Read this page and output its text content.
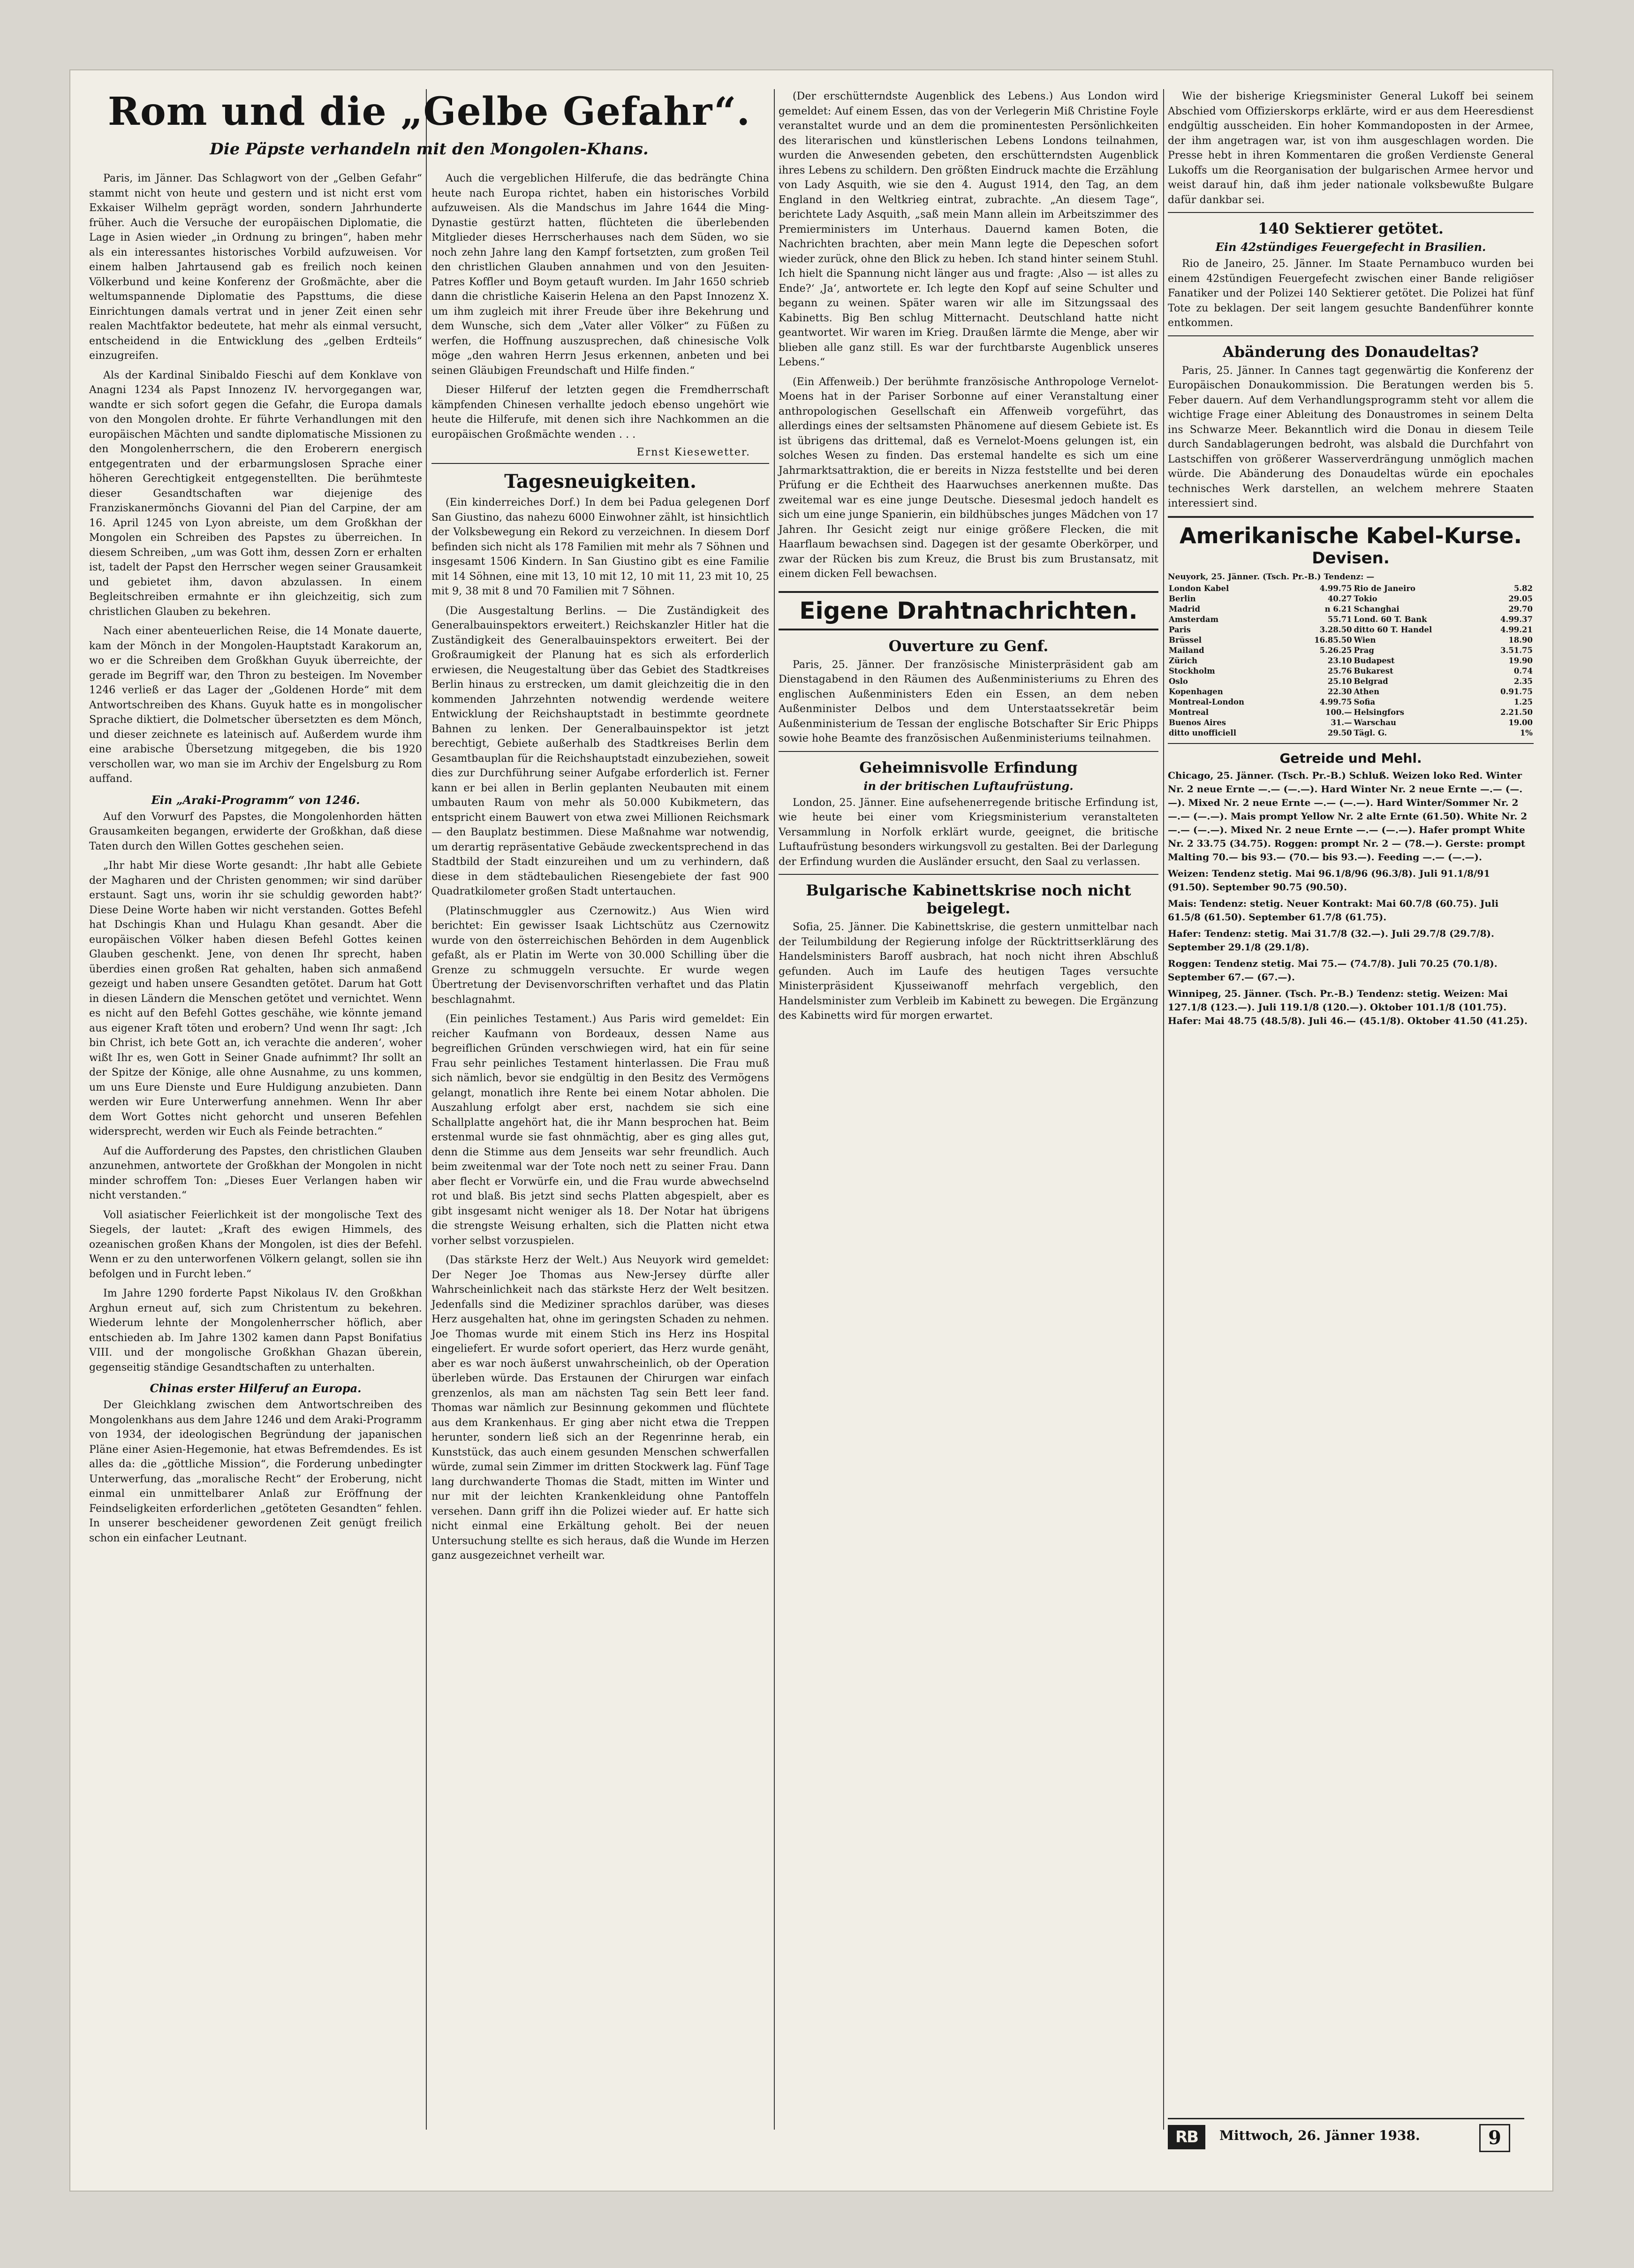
Rom und die „Gelbe Gefahr“.
Die Päpste verhandeln mit den Mongolen-Khans.

Paris, im Jänner. Das Schlagwort von der „Gelben Gefahr“ stammt nicht von heute und gestern und ist nicht erst vom Exkaiser Wilhelm geprägt worden, sondern Jahrhunderte früher. Auch die Versuche der europäischen Diplomatie, die Lage in Asien wieder „in Ordnung zu bringen“, haben mehr als ein interessantes historisches Vorbild aufzuweisen. Vor einem halben Jahrtausend gab es freilich noch keinen Völkerbund und keine Konferenz der Großmächte, aber die weltumspannende Diplomatie des Papsttums, die diese Einrichtungen damals vertrat und in jener Zeit einen sehr realen Machtfaktor bedeutete, hat mehr als einmal versucht, entscheidend in die Entwicklung des „gelben Erdteils“ einzugreifen.

Als der Kardinal Sinibaldo Fieschi auf dem Konklave von Anagni 1234 als Papst Innozenz IV. hervorgegangen war, wandte er sich sofort gegen die Gefahr, die Europa damals von den Mongolen drohte. Er führte Verhandlungen mit den europäischen Mächten und sandte diplomatische Missionen zu den Mongolenherrschern, die den Eroberern energisch entgegentraten und der erbarmungslosen Sprache einer höheren Gerechtigkeit entgegenstellten. Die berühmteste dieser Gesandtschaften war diejenige des Franziskanermönchs Giovanni del Pian del Carpine, der am 16. April 1245 von Lyon abreiste, um dem Großkhan der Mongolen ein Schreiben des Papstes zu überreichen. In diesem Schreiben, „um was Gott ihm, dessen Zorn er erhalten ist, tadelt der Papst den Herrscher wegen seiner Grausamkeit und gebietet ihm, davon abzulassen. In einem Begleitschreiben ermahnte er ihn gleichzeitig, sich zum christlichen Glauben zu bekehren.

Nach einer abenteuerlichen Reise, die 14 Monate dauerte, kam der Mönch in der Mongolen-Hauptstadt Karakorum an, wo er die Schreiben dem Großkhan Guyuk überreichte, der gerade im Begriff war, den Thron zu besteigen. Im November 1246 verließ er das Lager der „Goldenen Horde“ mit dem Antwortschreiben des Khans. Guyuk hatte es in mongolischer Sprache diktiert, die Dolmetscher übersetzten es dem Mönch, und dieser zeichnete es lateinisch auf. Außerdem wurde ihm eine arabische Übersetzung mitgegeben, die bis 1920 verschollen war, wo man sie im Archiv der Engelsburg zu Rom auffand.

Ein „Araki-Programm“ von 1246.

Auf den Vorwurf des Papstes, die Mongolenhorden hätten Grausamkeiten begangen, erwiderte der Großkhan, daß diese Taten durch den Willen Gottes geschehen seien.

„Ihr habt Mir diese Worte gesandt: ‚Ihr habt alle Gebiete der Magharen und der Christen genommen; wir sind darüber erstaunt. Sagt uns, worin ihr sie schuldig geworden habt?‘ Diese Deine Worte haben wir nicht verstanden. Gottes Befehl hat Dschingis Khan und Hulagu Khan gesandt. Aber die europäischen Völker haben diesen Befehl Gottes keinen Glauben geschenkt. Jene, von denen Ihr sprecht, haben überdies einen großen Rat gehalten, haben sich anmaßend gezeigt und haben unsere Gesandten getötet. Darum hat Gott in diesen Ländern die Menschen getötet und vernichtet. Wenn es nicht auf den Befehl Gottes geschähe, wie könnte jemand aus eigener Kraft töten und erobern? Und wenn Ihr sagt: ‚Ich bin Christ, ich bete Gott an, ich verachte die anderen‘, woher wißt Ihr es, wen Gott in Seiner Gnade aufnimmt? Ihr sollt an der Spitze der Könige, alle ohne Ausnahme, zu uns kommen, um uns Eure Dienste und Eure Huldigung anzubieten. Dann werden wir Eure Unterwerfung annehmen. Wenn Ihr aber dem Wort Gottes nicht gehorcht und unseren Befehlen widersprecht, werden wir Euch als Feinde betrachten.“

Auf die Aufforderung des Papstes, den christlichen Glauben anzunehmen, antwortete der Großkhan der Mongolen in nicht minder schroffem Ton: „Dieses Euer Verlangen haben wir nicht verstanden.“

Voll asiatischer Feierlichkeit ist der mongolische Text des Siegels, der lautet: „Kraft des ewigen Himmels, des ozeanischen großen Khans der Mongolen, ist dies der Befehl. Wenn er zu den unterworfenen Völkern gelangt, sollen sie ihn befolgen und in Furcht leben.“

Im Jahre 1290 forderte Papst Nikolaus IV. den Großkhan Arghun erneut auf, sich zum Christentum zu bekehren. Wiederum lehnte der Mongolenherrscher höflich, aber entschieden ab. Im Jahre 1302 kamen dann Papst Bonifatius VIII. und der mongolische Großkhan Ghazan überein, gegenseitig ständige Gesandtschaften zu unterhalten.

Chinas erster Hilferuf an Europa.

Der Gleichklang zwischen dem Antwortschreiben des Mongolenkhans aus dem Jahre 1246 und dem Araki-Programm von 1934, der ideologischen Begründung der japanischen Pläne einer Asien-Hegemonie, hat etwas Befremdendes. Es ist alles da: die „göttliche Mission“, die Forderung unbedingter Unterwerfung, das „moralische Recht“ der Eroberung, nicht einmal ein unmittelbarer Anlaß zur Eröffnung der Feindseligkeiten erforderlichen „getöteten Gesandten“ fehlen. In unserer bescheidener gewordenen Zeit genügt freilich schon ein einfacher Leutnant.

Auch die vergeblichen Hilferufe, die das bedrängte China heute nach Europa richtet, haben ein historisches Vorbild aufzuweisen. Als die Mandschus im Jahre 1644 die Ming-Dynastie gestürzt hatten, flüchteten die überlebenden Mitglieder dieses Herrscherhauses nach dem Süden, wo sie noch zehn Jahre lang den Kampf fortsetzten, zum großen Teil den christlichen Glauben annahmen und von den Jesuiten-Patres Koffler und Boym getauft wurden. Im Jahr 1650 schrieb dann die christliche Kaiserin Helena an den Papst Innozenz X. um ihm zugleich mit ihrer Freude über ihre Bekehrung und dem Wunsche, sich dem „Vater aller Völker“ zu Füßen zu werfen, die Hoffnung auszusprechen, daß chinesische Volk möge „den wahren Herrn Jesus erkennen, anbeten und bei seinen Gläubigen Freundschaft und Hilfe finden.“

Dieser Hilferuf der letzten gegen die Fremdherrschaft kämpfenden Chinesen verhallte jedoch ebenso ungehört wie heute die Hilferufe, mit denen sich ihre Nachkommen an die europäischen Großmächte wenden . . .

Ernst Kiesewetter.
Tagesneuigkeiten.

(Ein kinderreiches Dorf.) In dem bei Padua gelegenen Dorf San Giustino, das nahezu 6000 Einwohner zählt, ist hinsichtlich der Volksbewegung ein Rekord zu verzeichnen. In diesem Dorf befinden sich nicht als 178 Familien mit mehr als 7 Söhnen und insgesamt 1506 Kindern. In San Giustino gibt es eine Familie mit 14 Söhnen, eine mit 13, 10 mit 12, 10 mit 11, 23 mit 10, 25 mit 9, 38 mit 8 und 70 Familien mit 7 Söhnen.

(Die Ausgestaltung Berlins. — Die Zuständigkeit des Generalbauinspektors erweitert.) Reichskanzler Hitler hat die Zuständigkeit des Generalbauinspektors erweitert. Bei der Großraumigkeit der Planung hat es sich als erforderlich erwiesen, die Neugestaltung über das Gebiet des Stadtkreises Berlin hinaus zu erstrecken, um damit gleichzeitig die in den kommenden Jahrzehnten notwendig werdende weitere Entwicklung der Reichshauptstadt in bestimmte geordnete Bahnen zu lenken. Der Generalbauinspektor ist jetzt berechtigt, Gebiete außerhalb des Stadtkreises Berlin dem Gesamtbauplan für die Reichshauptstadt einzubeziehen, soweit dies zur Durchführung seiner Aufgabe erforderlich ist. Ferner kann er bei allen in Berlin geplanten Neubauten mit einem umbauten Raum von mehr als 50.000 Kubikmetern, das entspricht einem Bauwert von etwa zwei Millionen Reichsmark — den Bauplatz bestimmen. Diese Maßnahme war notwendig, um derartig repräsentative Gebäude zweckentsprechend in das Stadtbild der Stadt einzureihen und um zu verhindern, daß diese in dem städtebaulichen Riesengebiete der fast 900 Quadratkilometer großen Stadt untertauchen.

(Platinschmuggler aus Czernowitz.) Aus Wien wird berichtet: Ein gewisser Isaak Lichtschütz aus Czernowitz wurde von den österreichischen Behörden in dem Augenblick gefaßt, als er Platin im Werte von 30.000 Schilling über die Grenze zu schmuggeln versuchte. Er wurde wegen Übertretung der Devisenvorschriften verhaftet und das Platin beschlagnahmt.

(Ein peinliches Testament.) Aus Paris wird gemeldet: Ein reicher Kaufmann von Bordeaux, dessen Name aus begreiflichen Gründen verschwiegen wird, hat ein für seine Frau sehr peinliches Testament hinterlassen. Die Frau muß sich nämlich, bevor sie endgültig in den Besitz des Vermögens gelangt, monatlich ihre Rente bei einem Notar abholen. Die Auszahlung erfolgt aber erst, nachdem sie sich eine Schallplatte angehört hat, die ihr Mann besprochen hat. Beim erstenmal wurde sie fast ohnmächtig, aber es ging alles gut, denn die Stimme aus dem Jenseits war sehr freundlich. Auch beim zweitenmal war der Tote noch nett zu seiner Frau. Dann aber flecht er Vorwürfe ein, und die Frau wurde abwechselnd rot und blaß. Bis jetzt sind sechs Platten abgespielt, aber es gibt insgesamt nicht weniger als 18. Der Notar hat übrigens die strengste Weisung erhalten, sich die Platten nicht etwa vorher selbst vorzuspielen.

(Das stärkste Herz der Welt.) Aus Neuyork wird gemeldet: Der Neger Joe Thomas aus New-Jersey dürfte aller Wahrscheinlichkeit nach das stärkste Herz der Welt besitzen. Jedenfalls sind die Mediziner sprachlos darüber, was dieses Herz ausgehalten hat, ohne im geringsten Schaden zu nehmen. Joe Thomas wurde mit einem Stich ins Herz ins Hospital eingeliefert. Er wurde sofort operiert, das Herz wurde genäht, aber es war noch äußerst unwahrscheinlich, ob der Operation überleben würde. Das Erstaunen der Chirurgen war einfach grenzenlos, als man am nächsten Tag sein Bett leer fand. Thomas war nämlich zur Besinnung gekommen und flüchtete aus dem Krankenhaus. Er ging aber nicht etwa die Treppen herunter, sondern ließ sich an der Regenrinne herab, ein Kunststück, das auch einem gesunden Menschen schwerfallen würde, zumal sein Zimmer im dritten Stockwerk lag. Fünf Tage lang durchwanderte Thomas die Stadt, mitten im Winter und nur mit der leichten Krankenkleidung ohne Pantoffeln versehen. Dann griff ihn die Polizei wieder auf. Er hatte sich nicht einmal eine Erkältung geholt. Bei der neuen Untersuchung stellte es sich heraus, daß die Wunde im Herzen ganz ausgezeichnet verheilt war.

(Der erschütterndste Augenblick des Lebens.) Aus London wird gemeldet: Auf einem Essen, das von der Verlegerin Miß Christine Foyle veranstaltet wurde und an dem die prominentesten Persönlichkeiten des literarischen und künstlerischen Lebens Londons teilnahmen, wurden die Anwesenden gebeten, den erschütterndsten Augenblick ihres Lebens zu schildern. Den größten Eindruck machte die Erzählung von Lady Asquith, wie sie den 4. August 1914, den Tag, an dem England in den Weltkrieg eintrat, zubrachte. „An diesem Tage“, berichtete Lady Asquith, „saß mein Mann allein im Arbeitszimmer des Premierministers im Unterhaus. Dauernd kamen Boten, die Nachrichten brachten, aber mein Mann legte die Depeschen sofort wieder zurück, ohne den Blick zu heben. Ich stand hinter seinem Stuhl. Ich hielt die Spannung nicht länger aus und fragte: ‚Also — ist alles zu Ende?‘ ‚Ja‘, antwortete er. Ich legte den Kopf auf seine Schulter und begann zu weinen. Später waren wir alle im Sitzungssaal des Kabinetts. Big Ben schlug Mitternacht. Deutschland hatte nicht geantwortet. Wir waren im Krieg. Draußen lärmte die Menge, aber wir blieben alle ganz still. Es war der furchtbarste Augenblick unseres Lebens.“

(Ein Affenweib.) Der berühmte französische Anthropologe Vernelot-Moens hat in der Pariser Sorbonne auf einer Veranstaltung einer anthropologischen Gesellschaft ein Affenweib vorgeführt, das allerdings eines der seltsamsten Phänomene auf diesem Gebiete ist. Es ist übrigens das drittemal, daß es Vernelot-Moens gelungen ist, ein solches Wesen zu finden. Das erstemal handelte es sich um eine Jahrmarktsattraktion, die er bereits in Nizza feststellte und bei deren Prüfung er die Echtheit des Haarwuchses anerkennen mußte. Das zweitemal war es eine junge Deutsche. Diesesmal jedoch handelt es sich um eine junge Spanierin, ein bildhübsches junges Mädchen von 17 Jahren. Ihr Gesicht zeigt nur einige größere Flecken, die mit Haarflaum bewachsen sind. Dagegen ist der gesamte Oberkörper, und zwar der Rücken bis zum Kreuz, die Brust bis zum Brustansatz, mit einem dicken Fell bewachsen.

Eigene Drahtnachrichten.
Ouverture zu Genf.

Paris, 25. Jänner. Der französische Ministerpräsident gab am Dienstagabend in den Räumen des Außenministeriums zu Ehren des englischen Außenministers Eden ein Essen, an dem neben Außenminister Delbos und dem Unterstaatssekretär beim Außenministerium de Tessan der englische Botschafter Sir Eric Phipps sowie hohe Beamte des französischen Außenministeriums teilnahmen.

Geheimnisvolle Erfindung
in der britischen Luftaufrüstung.

London, 25. Jänner. Eine aufsehenerregende britische Erfindung ist, wie heute bei einer vom Kriegsministerium veranstalteten Versammlung in Norfolk erklärt wurde, geeignet, die britische Luftaufrüstung besonders wirkungsvoll zu gestalten. Bei der Darlegung der Erfindung wurden die Ausländer ersucht, den Saal zu verlassen.

Bulgarische Kabinettskrise noch nicht beigelegt.

Sofia, 25. Jänner. Die Kabinettskrise, die gestern unmittelbar nach der Teilumbildung der Regierung infolge der Rücktrittserklärung des Handelsministers Baroff ausbrach, hat noch nicht ihren Abschluß gefunden. Auch im Laufe des heutigen Tages versuchte Ministerpräsident Kjusseiwanoff mehrfach vergeblich, den Handelsminister zum Verbleib im Kabinett zu bewegen. Die Ergänzung des Kabinetts wird für morgen erwartet.

Wie der bisherige Kriegsminister General Lukoff bei seinem Abschied vom Offizierskorps erklärte, wird er aus dem Heeresdienst endgültig ausscheiden. Ein hoher Kommandoposten in der Armee, der ihm angetragen war, ist von ihm ausgeschlagen worden. Die Presse hebt in ihren Kommentaren die großen Verdienste General Lukoffs um die Reorganisation der bulgarischen Armee hervor und weist darauf hin, daß ihm jeder nationale volksbewußte Bulgare dafür dankbar sei.

140 Sektierer getötet.
Ein 42stündiges Feuergefecht in Brasilien.

Rio de Janeiro, 25. Jänner. Im Staate Pernambuco wurden bei einem 42stündigen Feuergefecht zwischen einer Bande religiöser Fanatiker und der Polizei 140 Sektierer getötet. Die Polizei hat fünf Tote zu beklagen. Der seit langem gesuchte Bandenführer konnte entkommen.

Abänderung des Donaudeltas?

Paris, 25. Jänner. In Cannes tagt gegenwärtig die Konferenz der Europäischen Donaukommission. Die Beratungen werden bis 5. Feber dauern. Auf dem Verhandlungsprogramm steht vor allem die wichtige Frage einer Ableitung des Donaustromes in seinem Delta ins Schwarze Meer. Bekanntlich wird die Donau in diesem Teile durch Sandablagerungen bedroht, was alsbald die Durchfahrt von Lastschiffen von größerer Wasserverdrängung unmöglich machen würde. Die Abänderung des Donaudeltas würde ein epochales technisches Werk darstellen, an welchem mehrere Staaten interessiert sind.

Amerikanische Kabel-Kurse.
Devisen.
Neuyork, 25. Jänner. (Tsch. Pr.-B.) Tendenz: —
London Kabel	4.99.75	Rio de Janeiro	5.82
Berlin	40.27	Tokio	29.05
Madrid	n 6.21	Schanghai	29.70
Amsterdam	55.71	Lond. 60 T. Bank	4.99.37
Paris	3.28.50	ditto 60 T. Handel	4.99.21
Brüssel	16.85.50	Wien	18.90
Mailand	5.26.25	Prag	3.51.75
Zürich	23.10	Budapest	19.90
Stockholm	25.76	Bukarest	0.74
Oslo	25.10	Belgrad	2.35
Kopenhagen	22.30	Athen	0.91.75
Montreal-London	4.99.75	Sofia	1.25
Montreal	100.—	Helsingfors	2.21.50
Buenos Aires	31.—	Warschau	19.00
ditto unofficiell	29.50	Tägl. G.	1%
Getreide und Mehl.

Chicago, 25. Jänner. (Tsch. Pr.-B.) Schluß. Weizen loko Red. Winter Nr. 2 neue Ernte —.— (—.—). Hard Winter Nr. 2 neue Ernte —.— (—.—). Mixed Nr. 2 neue Ernte —.— (—.—). Hard Winter/Sommer Nr. 2 —.— (—.—). Mais prompt Yellow Nr. 2 alte Ernte (61.50). White Nr. 2 —.— (—.—). Mixed Nr. 2 neue Ernte —.— (—.—). Hafer prompt White Nr. 2 33.75 (34.75). Roggen: prompt Nr. 2 — (78.—). Gerste: prompt Malting 70.— bis 93.— (70.— bis 93.—). Feeding —.— (—.—).

Weizen: Tendenz stetig. Mai 96.1/8/96 (96.3/8). Juli 91.1/8/91 (91.50). September 90.75 (90.50).

Mais: Tendenz: stetig. Neuer Kontrakt: Mai 60.7/8 (60.75). Juli 61.5/8 (61.50). September 61.7/8 (61.75).

Hafer: Tendenz: stetig. Mai 31.7/8 (32.—). Juli 29.7/8 (29.7/8). September 29.1/8 (29.1/8).

Roggen: Tendenz stetig. Mai 75.— (74.7/8). Juli 70.25 (70.1/8). September 67.— (67.—).

Winnipeg, 25. Jänner. (Tsch. Pr.-B.) Tendenz: stetig. Weizen: Mai 127.1/8 (123.—). Juli 119.1/8 (120.—). Oktober 101.1/8 (101.75). Hafer: Mai 48.75 (48.5/8). Juli 46.— (45.1/8). Oktober 41.50 (41.25).

RB	Mittwoch, 26. Jänner 1938.	9
